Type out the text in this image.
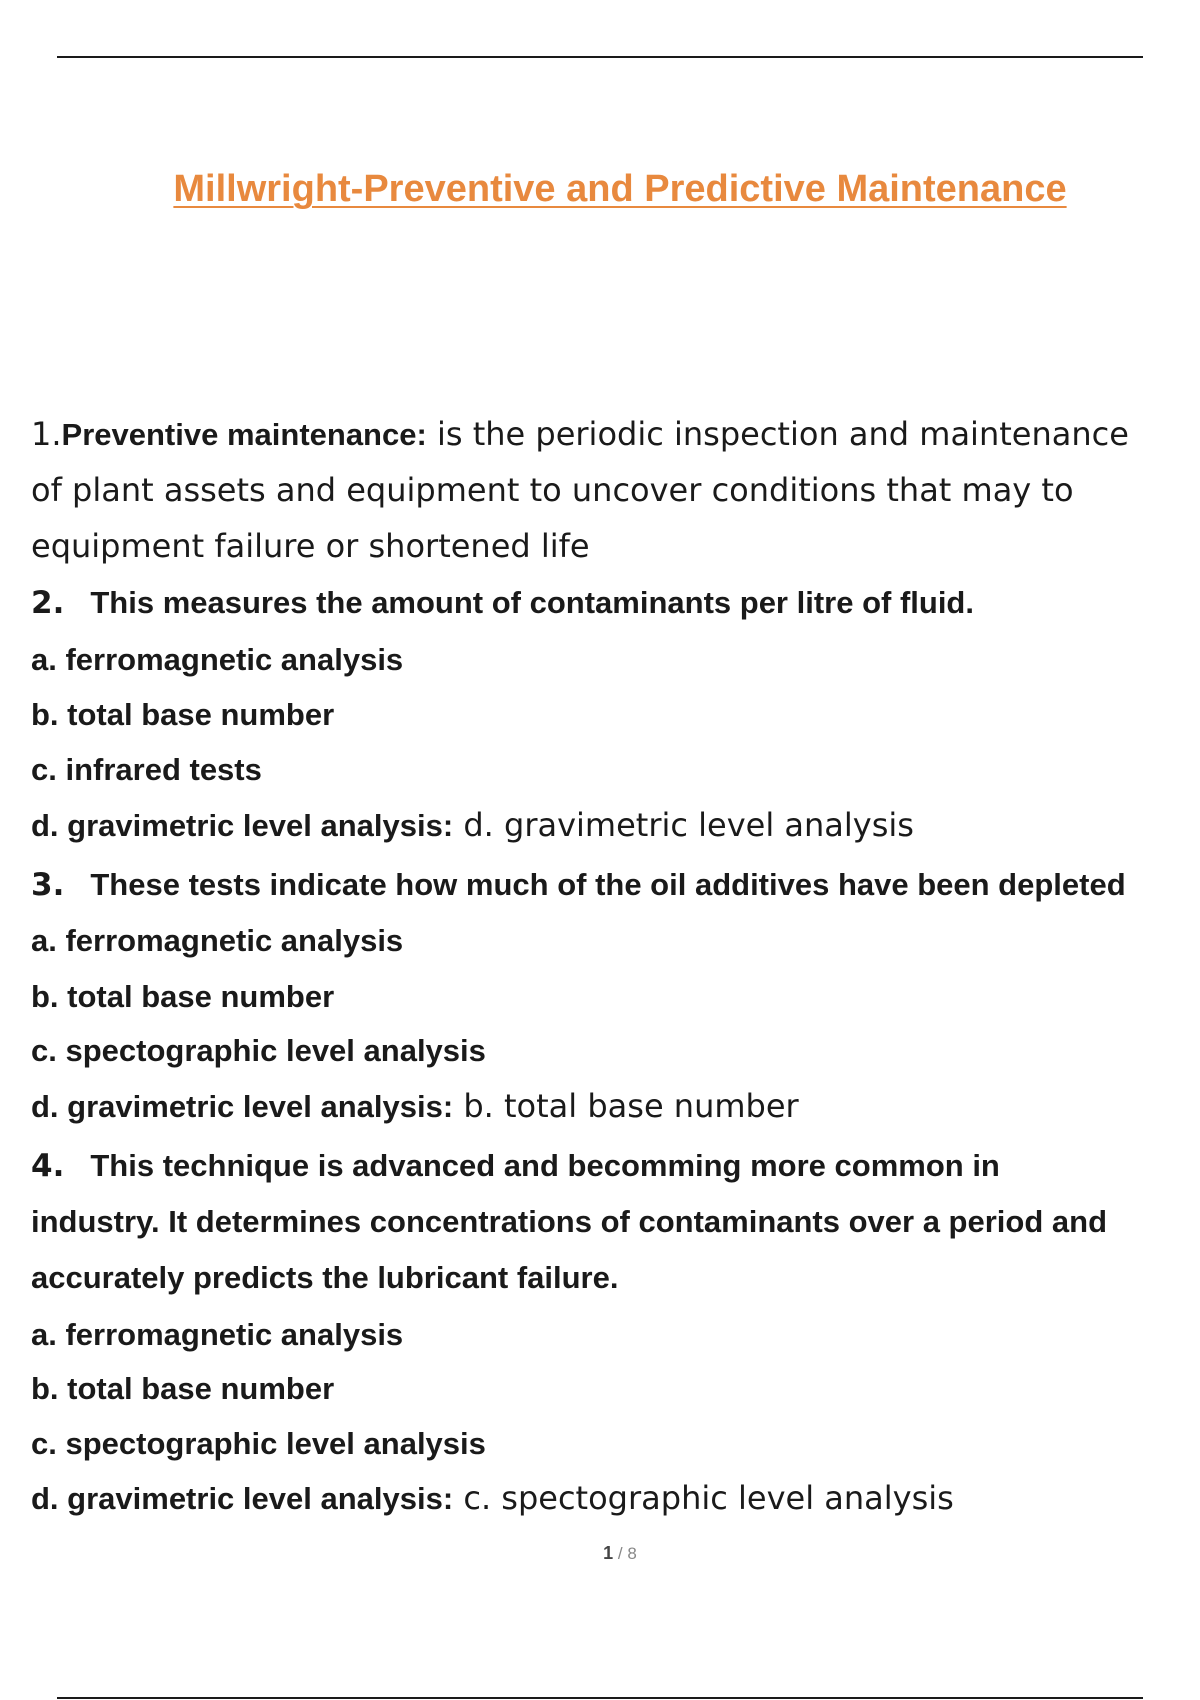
Millwright-Preventive and Predictive Maintenance
1.Preventive maintenance: is the periodic inspection and maintenance
of plant assets and equipment to uncover conditions that may to
equipment failure or shortened life
2. This measures the amount of contaminants per litre of fluid.
a. ferromagnetic analysis
b. total base number
c. infrared tests
d. gravimetric level analysis: d. gravimetric level analysis
3. These tests indicate how much of the oil additives have been depleted
a. ferromagnetic analysis
b. total base number
c. spectographic level analysis
d. gravimetric level analysis: b. total base number
4. This technique is advanced and becomming more common in
industry. It determines concentrations of contaminants over a period and
accurately predicts the lubricant failure.
a. ferromagnetic analysis
b. total base number
c. spectographic level analysis
d. gravimetric level analysis: c. spectographic level analysis
1 / 8
